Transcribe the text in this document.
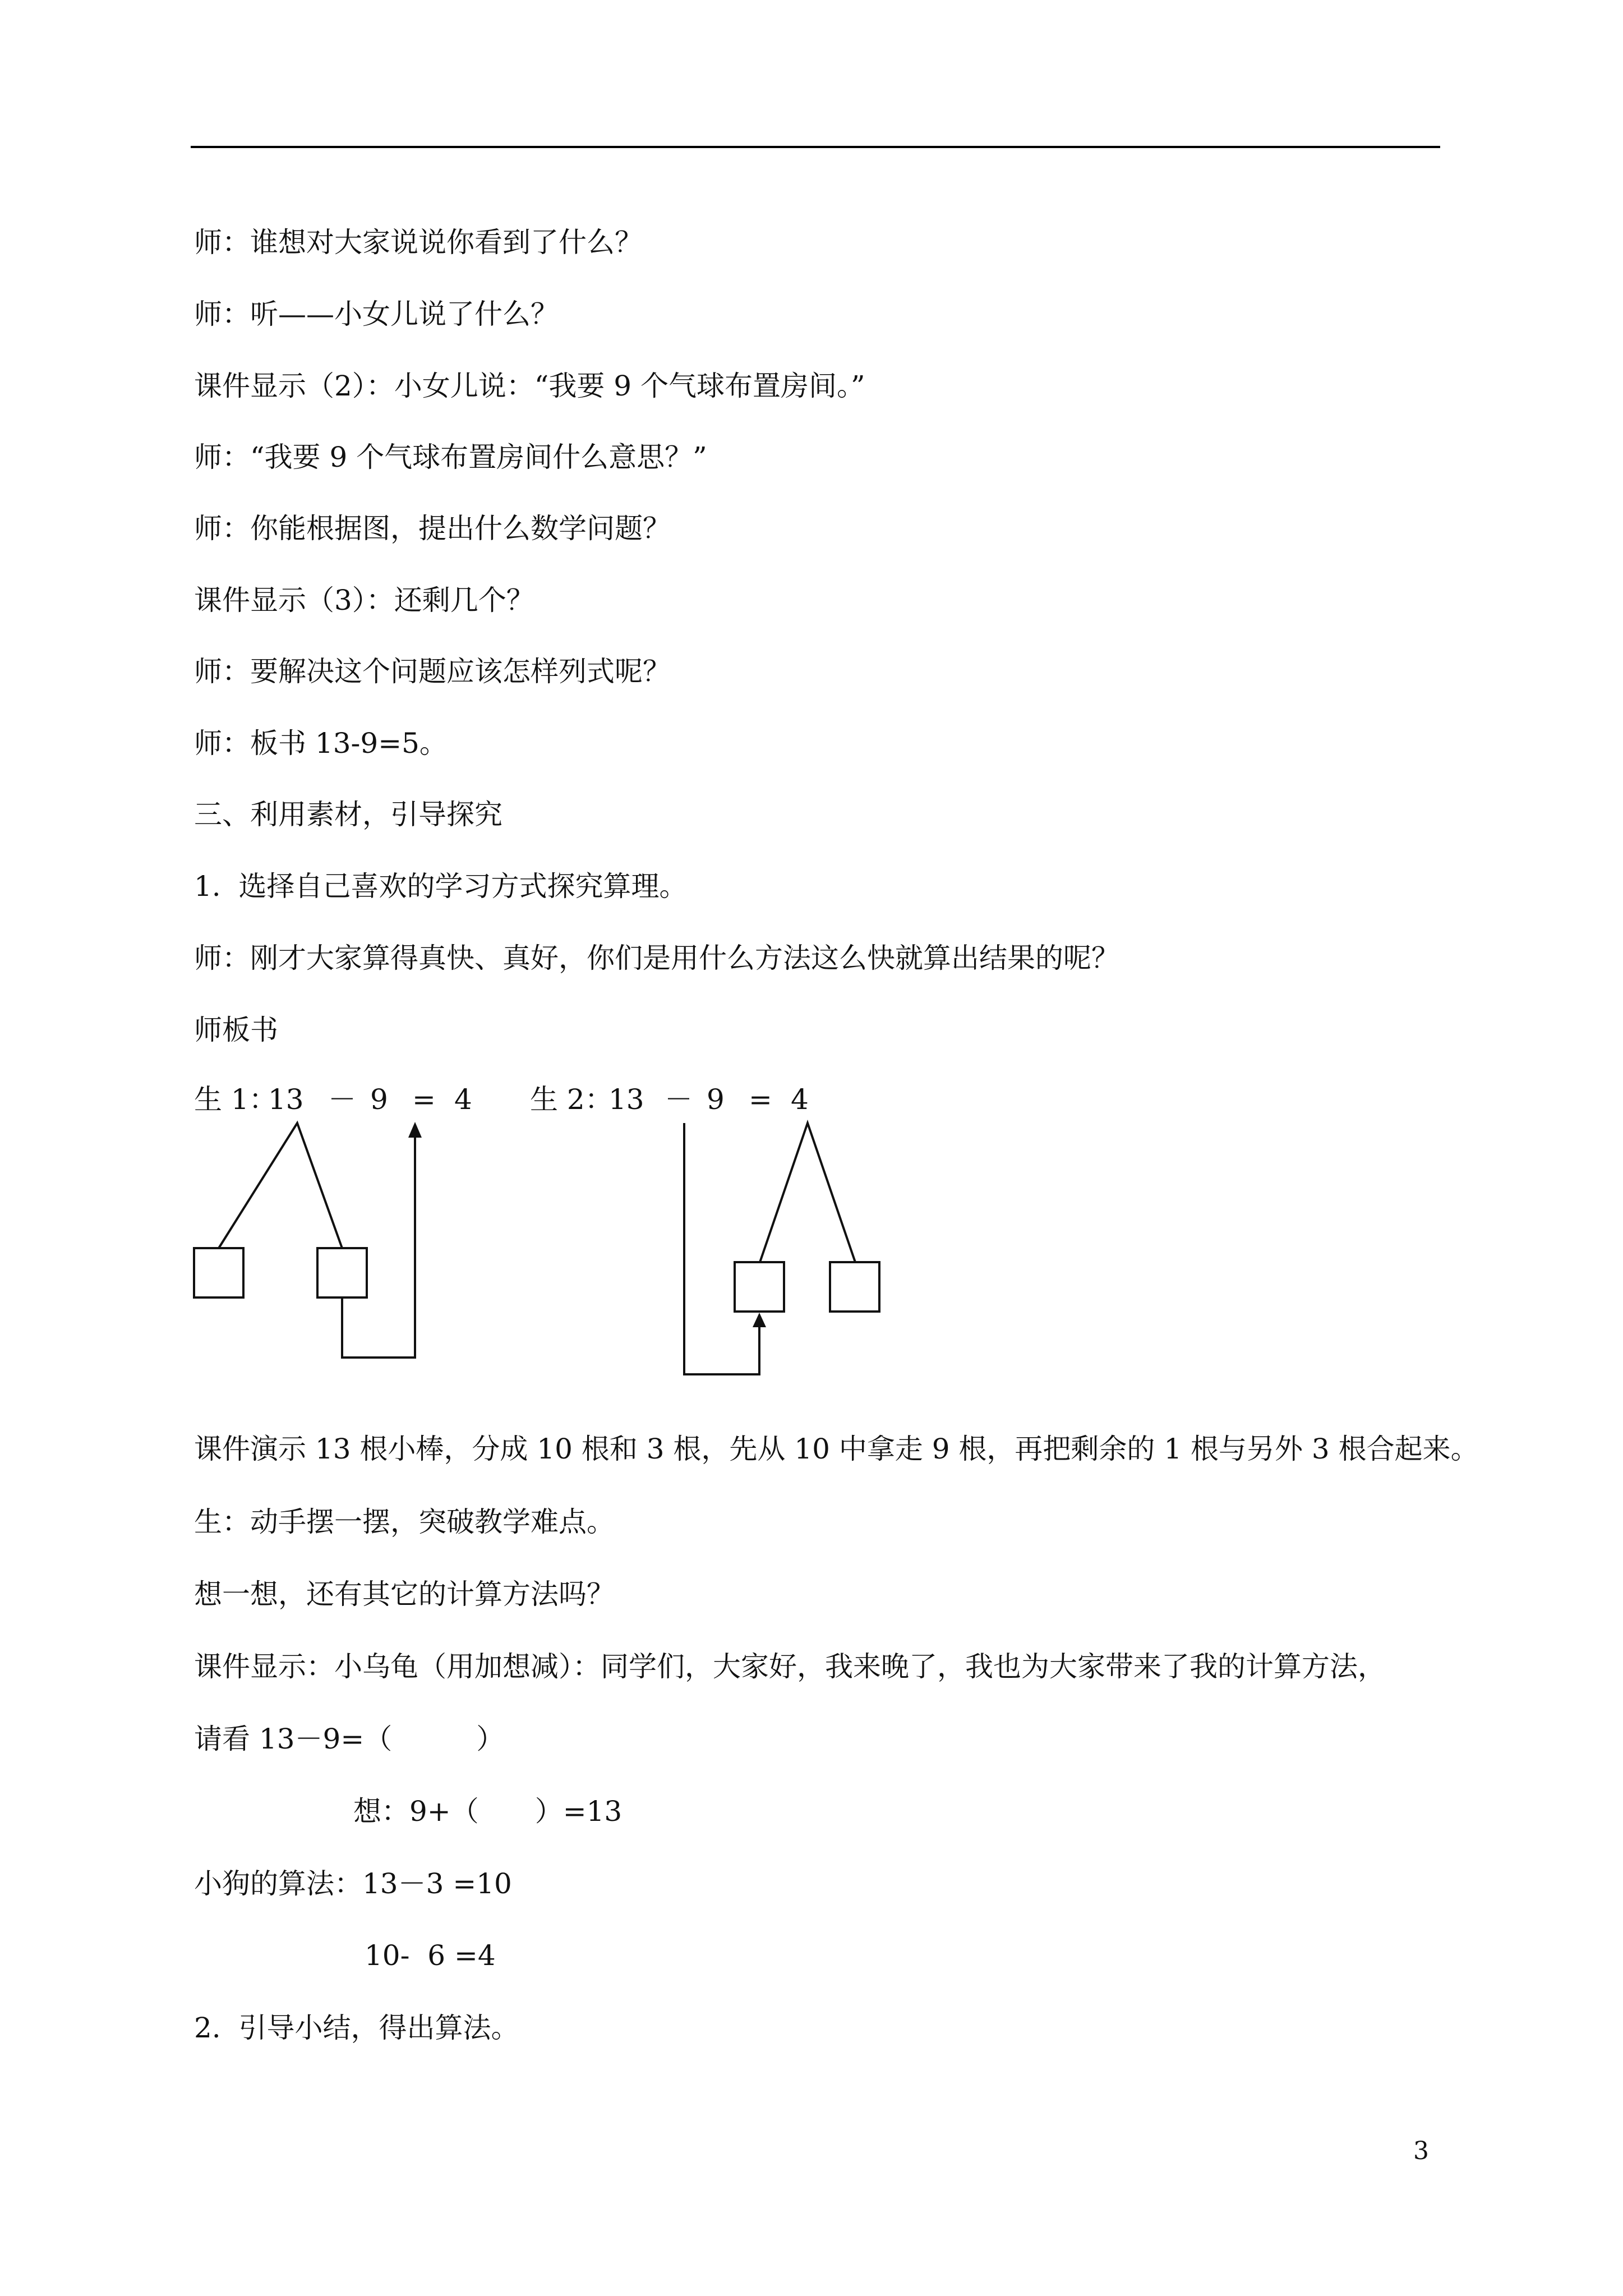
师：谁想对大家说说你看到了什么？
师：听——小女儿说了什么？
课件显示（2）：小女儿说：“我要 9 个气球布置房间。”
师：“我要 9 个气球布置房间什么意思？”
师：你能根据图，提出什么数学问题？
课件显示（3）：还剩几个？
师：要解决这个问题应该怎样列式呢？
师：板书 13-9=5。
三、利用素材，引导探究
1.  选择自己喜欢的学习方式探究算理。
师：刚才大家算得真快、真好，你们是用什么方法这么快就算出结果的呢？
师板书
生 1：
13 － 9 = 4 生 2：
13 － 9 = 4
课件演示 13 根小棒，分成 10 根和 3 根，先从 10 中拿走 9 根，再把剩余的 1 根与另外 3 根合起来。
生：动手摆一摆，突破教学难点。
想一想，还有其它的计算方法吗？
课件显示：小乌龟（用加想减）：同学们，大家好，我来晚了，我也为大家带来了我的计算方法，
请看 13－9=（　　　）
想：9+（　　）=13
小狗的算法：13－3 =10
10-  6 =4
2.  引导小结，得出算法。
3
